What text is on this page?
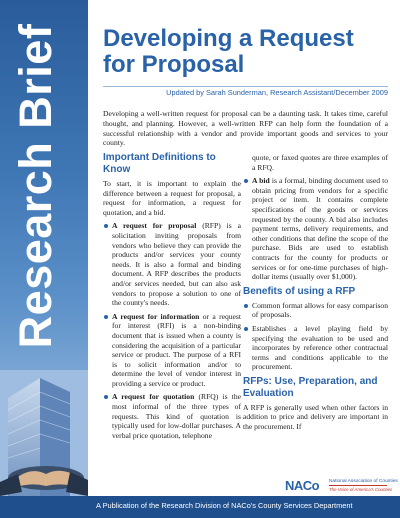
Research Brief Developing a Request
for Proposal
Updated by Sarah Sunderman, Research Assistant/December 2009

Developing a well-written request for proposal can be a daunting task. It takes time, careful thought, and planning. However, a well-written RFP can help form the foundation of a successful relationship with a vendor and provide important goods and services to your county.

Important Definitions to Know

To start, it is important to explain the difference between a request for proposal, a request for information, a request for quotation, and a bid.

A request for proposal (RFP) is a solicitation inviting proposals from vendors who believe they can provide the products and/or services your county needs. It is also a formal and binding document. A RFP describes the products and/or services needed, but can also ask vendors to propose a solution to one of the county's needs.
A request for information or a request for interest (RFI) is a non-binding document that is issued when a county is considering the acquisition of a particular service or product. The purpose of a RFI is to solicit information and/or to determine the level of vendor interest in providing a service or product.
A request for quotation (RFQ) is the most informal of the three types of requests. This kind of quotation is typically used for low-dollar purchases. A verbal price quotation, telephone
quote, or faxed quotes are three examples of a RFQ.
A bid is a formal, binding document used to obtain pricing from vendors for a specific project or item. It contains complete specifications of the goods or services requested by the county. A bid also includes payment terms, delivery requirements, and other conditions that define the scope of the purchase. Bids are used to establish contracts for the county for products or services or for one-time purchases of high-dollar items (usually over $1,000).
Benefits of using a RFP
Common format allows for easy comparison of proposals.
Establishes a level playing field by specifying the evaluation to be used and incorporates by reference other contractual terms and conditions applicable to the procurement.
RFPs: Use, Preparation, and Evaluation

A RFP is generally used when other factors in addition to price and delivery are important in the procurement. If

NACo National Association of Counties
The Voice of America's Counties
A Publication of the Research Division of NACo's County Services Department
